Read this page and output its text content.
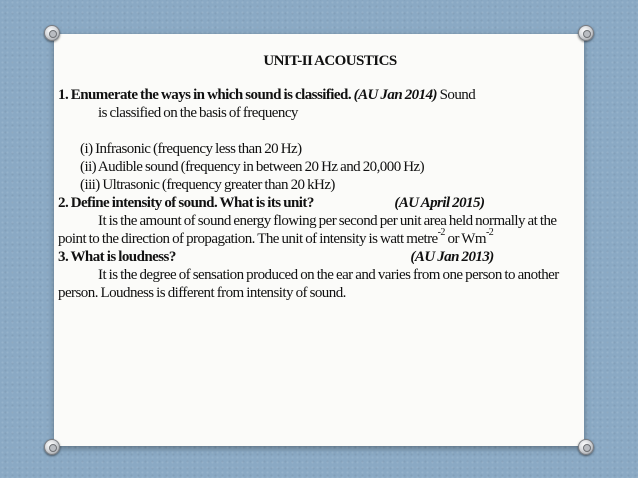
UNIT-II ACOUSTICS
1. Enumerate the ways in which sound is classified. (AU Jan 2014) Sound
is classified on the basis of frequency
(i) Infrasonic (frequency less than 20 Hz)
(ii) Audible sound (frequency in between 20 Hz and 20,000 Hz)
(iii) Ultrasonic (frequency greater than 20 kHz)
2. Define intensity of sound. What is its unit?	(AU April 2015)
It is the amount of sound energy flowing per second per unit area held normally at the
point to the direction of propagation. The unit of intensity is watt metre$^{-2}$ or $Wm^{-2}$
3. What is loudness?	(AU Jan 2013)
It is the degree of sensation produced on the ear and varies from one person to another
person. Loudness is different from intensity of sound.
